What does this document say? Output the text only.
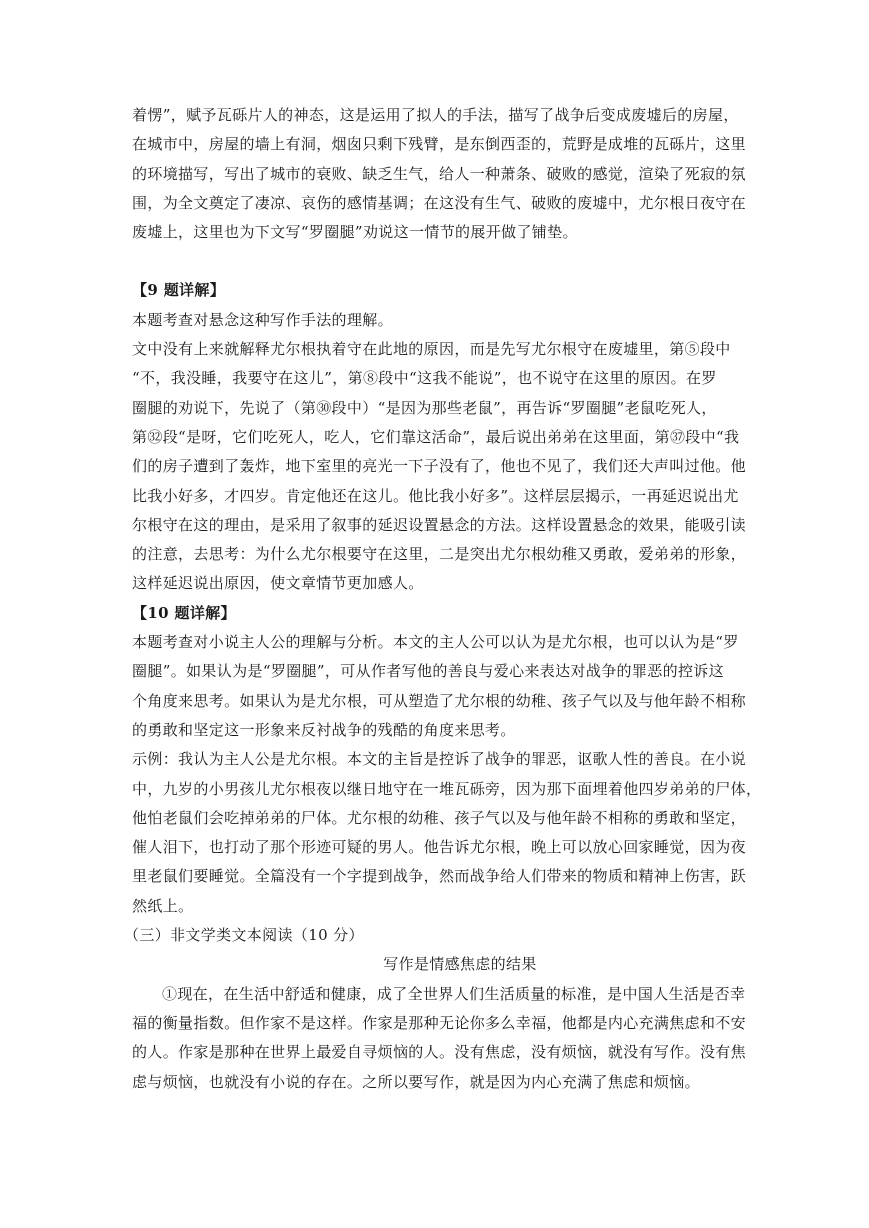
着愣”，赋予瓦砾片人的神态，这是运用了拟人的手法，描写了战争后变成废墟后的房屋，
在城市中，房屋的墙上有洞，烟囱只剩下残臂，是东倒西歪的，荒野是成堆的瓦砾片，这里
的环境描写，写出了城市的衰败、缺乏生气，给人一种萧条、破败的感觉，渲染了死寂的氛
围，为全文奠定了凄凉、哀伤的感情基调；在这没有生气、破败的废墟中，尤尔根日夜守在
废墟上，这里也为下文写“罗圈腿”劝说这一情节的展开做了铺垫。
【9 题详解】
本题考查对悬念这种写作手法的理解。
文中没有上来就解释尤尔根执着守在此地的原因，而是先写尤尔根守在废墟里，第⑤段中
“不，我没睡，我要守在这儿”，第⑧段中“这我不能说”，也不说守在这里的原因。在罗
圈腿的劝说下，先说了（第㉚段中）“是因为那些老鼠”，再告诉“罗圈腿”老鼠吃死人，
第㉜段“是呀，它们吃死人，吃人，它们靠这活命”，最后说出弟弟在这里面，第㊲段中“我
们的房子遭到了轰炸，地下室里的亮光一下子没有了，他也不见了，我们还大声叫过他。他
比我小好多，才四岁。肯定他还在这儿。他比我小好多”。这样层层揭示，一再延迟说出尤
尔根守在这的理由，是采用了叙事的延迟设置悬念的方法。这样设置悬念的效果，能吸引读
的注意，去思考：为什么尤尔根要守在这里，二是突出尤尔根幼稚又勇敢，爱弟弟的形象，
这样延迟说出原因，使文章情节更加感人。
【10 题详解】
本题考查对小说主人公的理解与分析。本文的主人公可以认为是尤尔根，也可以认为是“罗
圈腿”。如果认为是“罗圈腿”，可从作者写他的善良与爱心来表达对战争的罪恶的控诉这
个角度来思考。如果认为是尤尔根，可从塑造了尤尔根的幼稚、孩子气以及与他年龄不相称
的勇敢和坚定这一形象来反衬战争的残酷的角度来思考。
示例：我认为主人公是尤尔根。本文的主旨是控诉了战争的罪恶，讴歌人性的善良。在小说
中，九岁的小男孩儿尤尔根夜以继日地守在一堆瓦砾旁，因为那下面埋着他四岁弟弟的尸体，
他怕老鼠们会吃掉弟弟的尸体。尤尔根的幼稚、孩子气以及与他年龄不相称的勇敢和坚定，
催人泪下，也打动了那个形迹可疑的男人。他告诉尤尔根，晚上可以放心回家睡觉，因为夜
里老鼠们要睡觉。全篇没有一个字提到战争，然而战争给人们带来的物质和精神上伤害，跃
然纸上。
（三）非文学类文本阅读（10 分）
写作是情感焦虑的结果
①现在，在生活中舒适和健康，成了全世界人们生活质量的标准，是中国人生活是否幸
福的衡量指数。但作家不是这样。作家是那种无论你多么幸福，他都是内心充满焦虑和不安
的人。作家是那种在世界上最爱自寻烦恼的人。没有焦虑，没有烦恼，就没有写作。没有焦
虑与烦恼，也就没有小说的存在。之所以要写作，就是因为内心充满了焦虑和烦恼。
